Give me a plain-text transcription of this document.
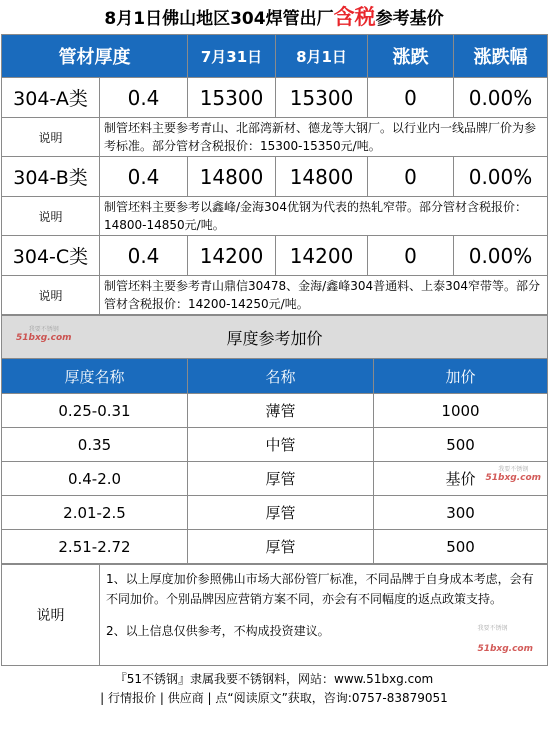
8月1日佛山地区304焊管出厂含税参考基价
管材厚度		7月31日	8月1日	涨跌	涨跌幅
304-A类	0.4	15300	15300	0	0.00%
说明	制管坯料主要参考青山、北部湾新材、德龙等大钢厂。以行业内一线品牌厂价为参考标准。部分管材含税报价：15300-15350元/吨。				
304-B类	0.4	14800	14800	0	0.00%
说明	制管坯料主要参考以鑫峰/金海304优钢为代表的热轧窄带。部分管材含税报价：14800-14850元/吨。				
304-C类	0.4	14200	14200	0	0.00%
说明	制管坯料主要参考青山鼎信30478、金海/鑫峰304普通料、上泰304窄带等。部分管材含税报价：14200-14250元/吨。				
我要不锈钢
51bxg.com 厚度参考加价		
厚度名称	名称	加价
0.25-0.31	薄管	1000
0.35	中管	500
0.4-2.0	厚管	基价
我要不锈钢
51bxg.com

2.01-2.5	厚管	300
2.51-2.72	厚管	500
说明	

1、以上厚度加价参照佛山市场大部份管厂标准，不同品牌于自身成本考虑，会有不同加价。个别品牌因应营销方案不同，亦会有不同幅度的返点政策支持。

2、以上信息仅供参考，不构成投资建议。	我要不锈钢
51bxg.com
『51不锈钢』隶属我要不锈钢料，网站：www.51bxg.com
| 行情报价 | 供应商 | 点“阅读原文”获取，咨询:0757-83879051
